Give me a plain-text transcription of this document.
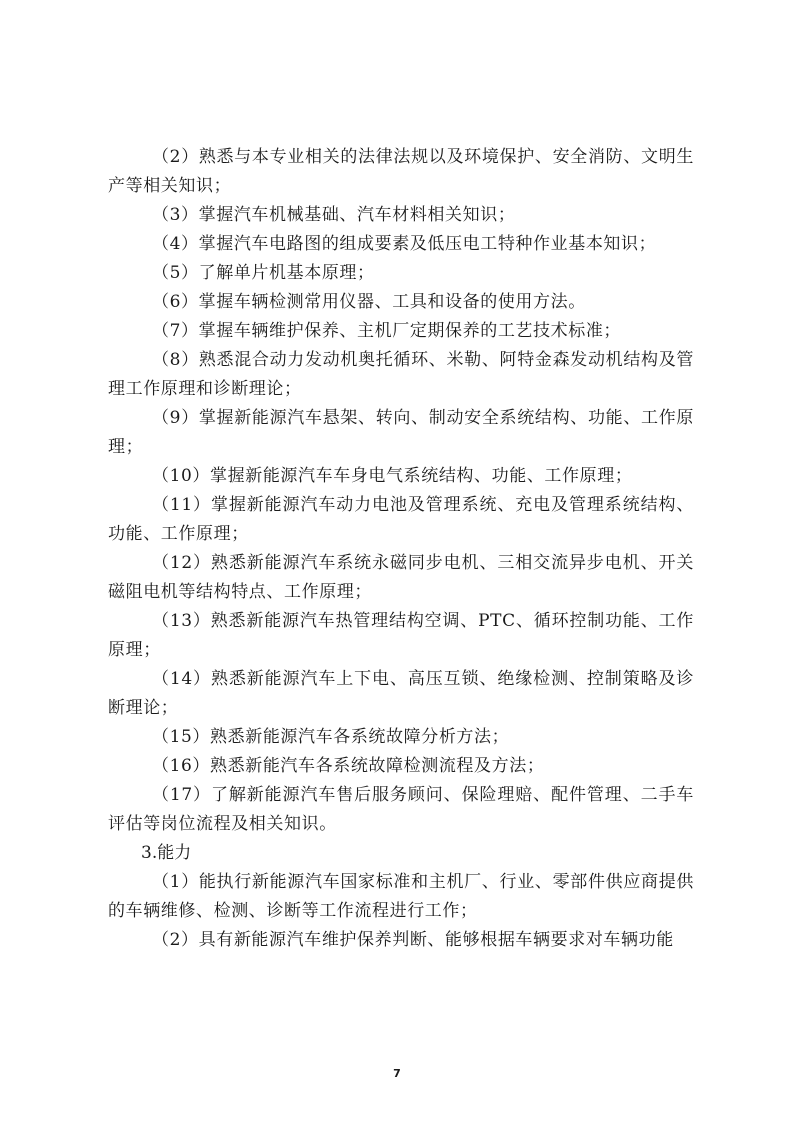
（2）熟悉与本专业相关的法律法规以及环境保护、安全消防、文明生产等相关知识；

（3）掌握汽车机械基础、汽车材料相关知识；

（4）掌握汽车电路图的组成要素及低压电工特种作业基本知识；

（5）了解单片机基本原理；

（6）掌握车辆检测常用仪器、工具和设备的使用方法。

（7）掌握车辆维护保养、主机厂定期保养的工艺技术标准；

（8）熟悉混合动力发动机奥托循环、米勒、阿特金森发动机结构及管理工作原理和诊断理论；

（9）掌握新能源汽车悬架、转向、制动安全系统结构、功能、工作原理；

（10）掌握新能源汽车车身电气系统结构、功能、工作原理；

（11）掌握新能源汽车动力电池及管理系统、充电及管理系统结构、功能、工作原理；

（12）熟悉新能源汽车系统永磁同步电机、三相交流异步电机、开关磁阻电机等结构特点、工作原理；

（13）熟悉新能源汽车热管理结构空调、PTC、循环控制功能、工作原理；

（14）熟悉新能源汽车上下电、高压互锁、绝缘检测、控制策略及诊断理论；

（15）熟悉新能源汽车各系统故障分析方法；

（16）熟悉新能汽车各系统故障检测流程及方法；

（17）了解新能源汽车售后服务顾问、保险理赔、配件管理、二手车评估等岗位流程及相关知识。

3.能力

（1）能执行新能源汽车国家标准和主机厂、行业、零部件供应商提供的车辆维修、检测、诊断等工作流程进行工作；

（2）具有新能源汽车维护保养判断、能够根据车辆要求对车辆功能

7
